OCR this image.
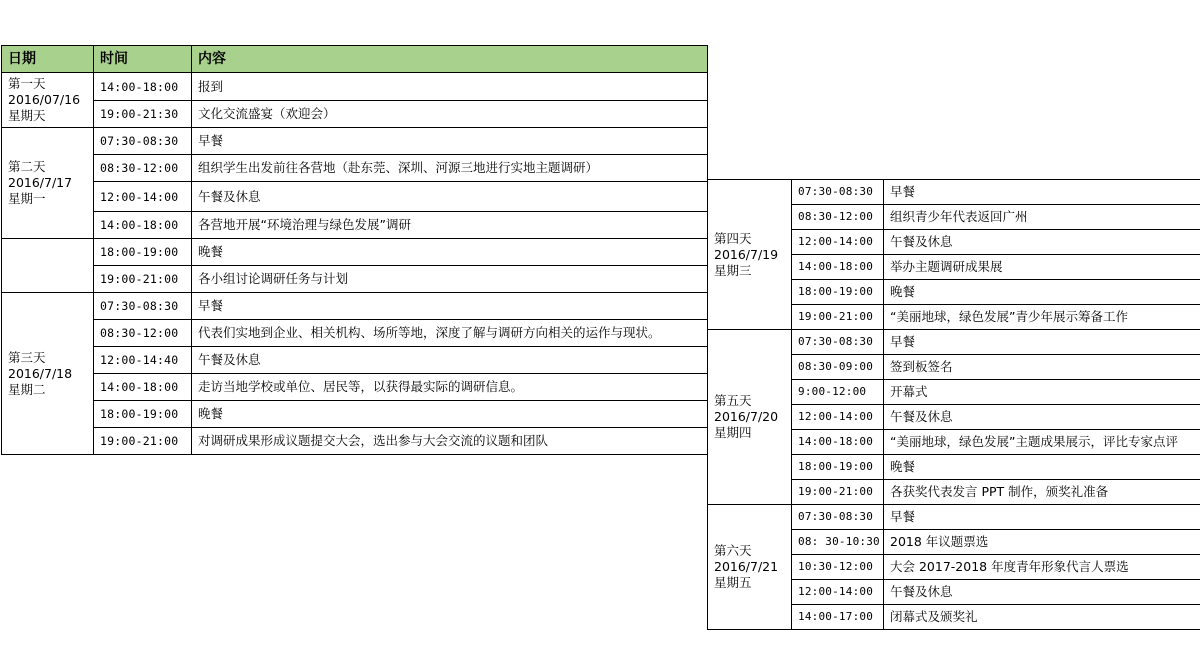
日期	时间	内容

第一天
2016/07/16
星期天	14:00-18:00	报到
	19:00-21:30	文化交流盛宴（欢迎会）

第二天
2016/7/17
星期一	07:30-08:30	早餐
	08:30-12:00	组织学生出发前往各营地（赴东莞、深圳、河源三地进行实地主题调研）
	12:00-14:00	午餐及休息
	14:00-18:00	各营地开展“环境治理与绿色发展”调研
	18:00-19:00	晚餐
	19:00-21:00	各小组讨论调研任务与计划

第三天
2016/7/18
星期二	07:30-08:30	早餐
	08:30-12:00	代表们实地到企业、相关机构、场所等地，深度了解与调研方向相关的运作与现状。
	12:00-14:40	午餐及休息
	14:00-18:00	走访当地学校或单位、居民等，以获得最实际的调研信息。
	18:00-19:00	晚餐
	19:00-21:00	对调研成果形成议题提交大会，选出参与大会交流的议题和团队
第四天
2016/7/19
星期三	07:30-08:30	早餐
	08:30-12:00	组织青少年代表返回广州
	12:00-14:00	午餐及休息
	14:00-18:00	举办主题调研成果展
	18:00-19:00	晚餐
	19:00-21:00	“美丽地球，绿色发展”青少年展示筹备工作

第五天
2016/7/20
星期四	07:30-08:30	早餐
	08:30-09:00	签到板签名
	9:00-12:00	开幕式
	12:00-14:00	午餐及休息
	14:00-18:00	“美丽地球，绿色发展”主题成果展示，评比专家点评
	18:00-19:00	晚餐
	19:00-21:00	各获奖代表发言 PPT 制作，颁奖礼准备

第六天
2016/7/21
星期五	07:30-08:30	早餐
	08: 30-10:30	2018 年议题票选
	10:30-12:00	大会 2017-2018 年度青年形象代言人票选
	12:00-14:00	午餐及休息
	14:00-17:00	闭幕式及颁奖礼
